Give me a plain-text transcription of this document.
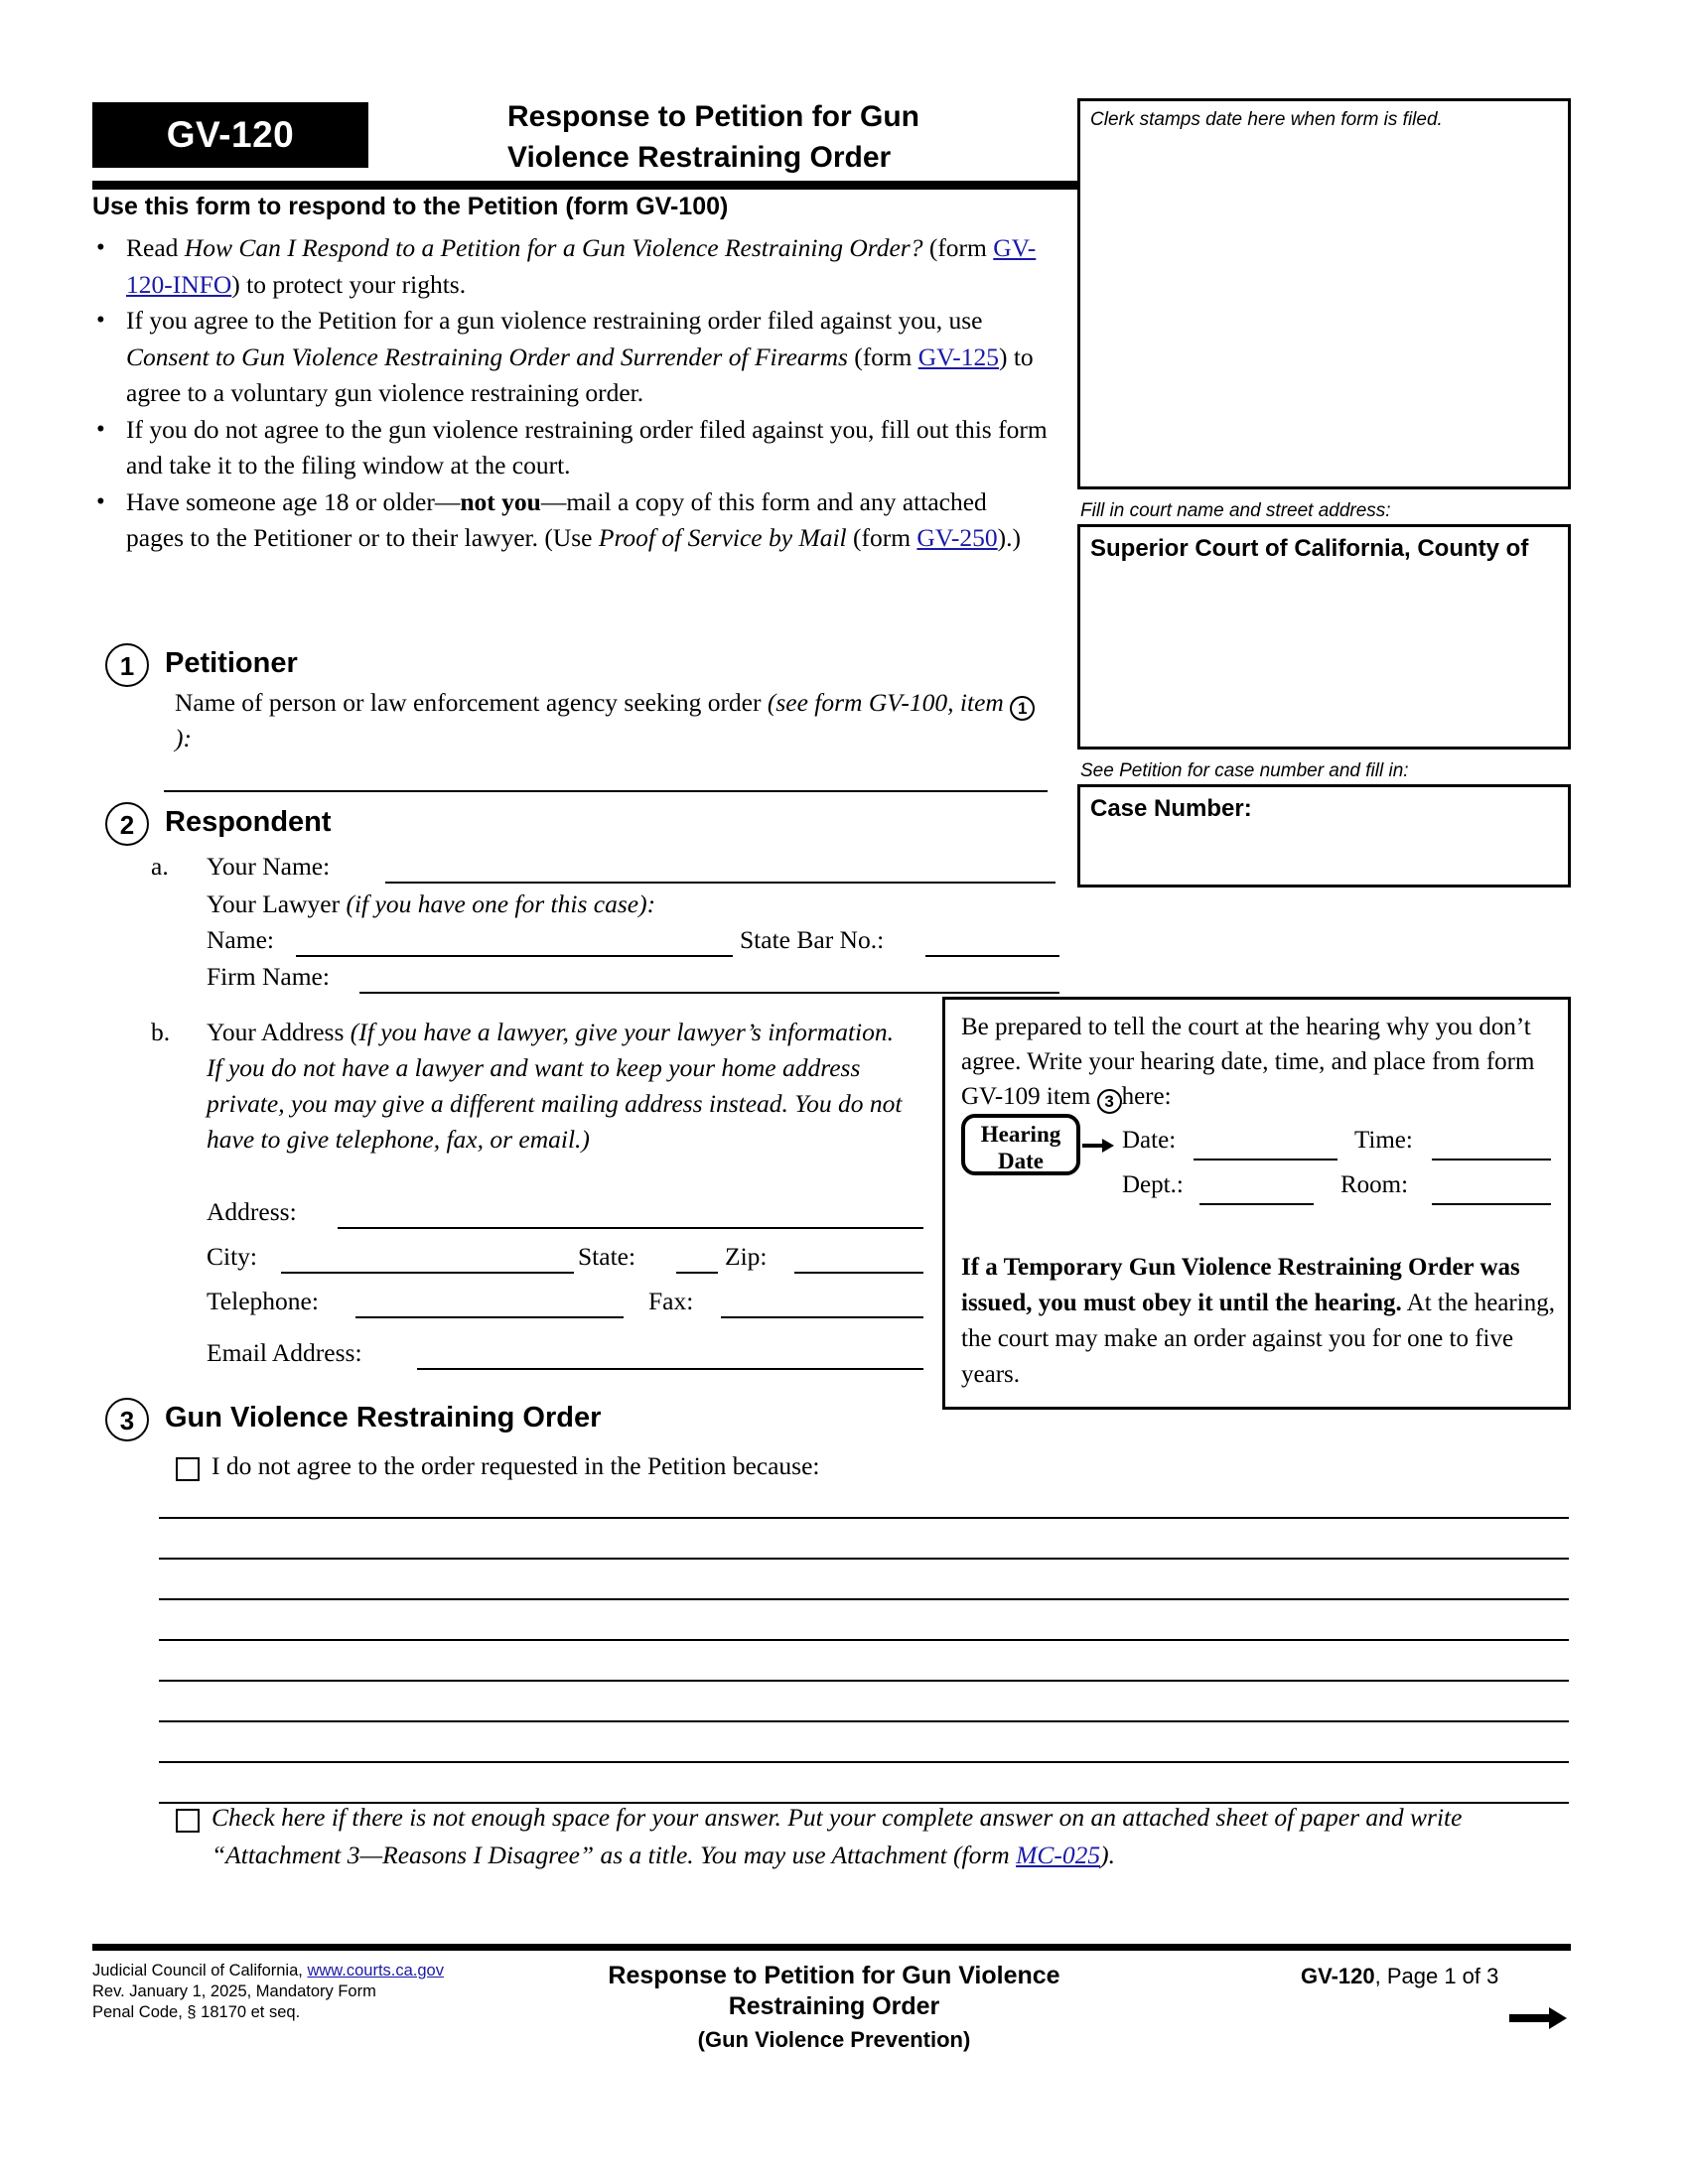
GV-120	Response to Petition for Gun
Violence Restraining Order
Use this form to respond to the Petition (form GV-100)
• Read How Can I Respond to a Petition for a Gun Violence Restraining Order? (form GV-120-INFO) to protect your rights.
• If you agree to the Petition for a gun violence restraining order filed against you, use Consent to Gun Violence Restraining Order and Surrender of Firearms (form GV-125) to agree to a voluntary gun violence restraining order.
• If you do not agree to the gun violence restraining order filed against you, fill out this form and take it to the filing window at the court.
• Have someone age 18 or older—not you—mail a copy of this form and any attached pages to the Petitioner or to their lawyer. (Use Proof of Service by Mail (form GV-250).)
1	Petitioner
Name of person or law enforcement agency seeking order (see form GV-100, item 1):
2	Respondent
a. Your Name:
Your Lawyer (if you have one for this case):
Name:	State Bar No.:
Firm Name:
b. Your Address (If you have a lawyer, give your lawyer’s information. If you do not have a lawyer and want to keep your home address private, you may give a different mailing address instead. You do not have to give telephone, fax, or email.)
Address:
City:	State:	Zip:
Telephone:	Fax:
Email Address:
3	Gun Violence Restraining Order
I do not agree to the order requested in the Petition because:
Check here if there is not enough space for your answer. Put your complete answer on an attached sheet of paper and write “Attachment 3—Reasons I Disagree” as a title. You may use Attachment (form MC-025).
Clerk stamps date here when form is filed.
Fill in court name and street address:
Superior Court of California, County of
See Petition for case number and fill in:
Case Number:
Be prepared to tell the court at the hearing why you don’t agree. Write your hearing date, time, and place from form GV-109 item 3 here:
Hearing
Date
Date:	Time:
Dept.:	Room:
If a Temporary Gun Violence Restraining Order was issued, you must obey it until the hearing. At the hearing, the court may make an order against you for one to five years.
Judicial Council of California, www.courts.ca.gov
Rev. January 1, 2025, Mandatory Form
Penal Code, § 18170 et seq.
Response to Petition for Gun Violence
Restraining Order
(Gun Violence Prevention)
GV-120, Page 1 of 3
